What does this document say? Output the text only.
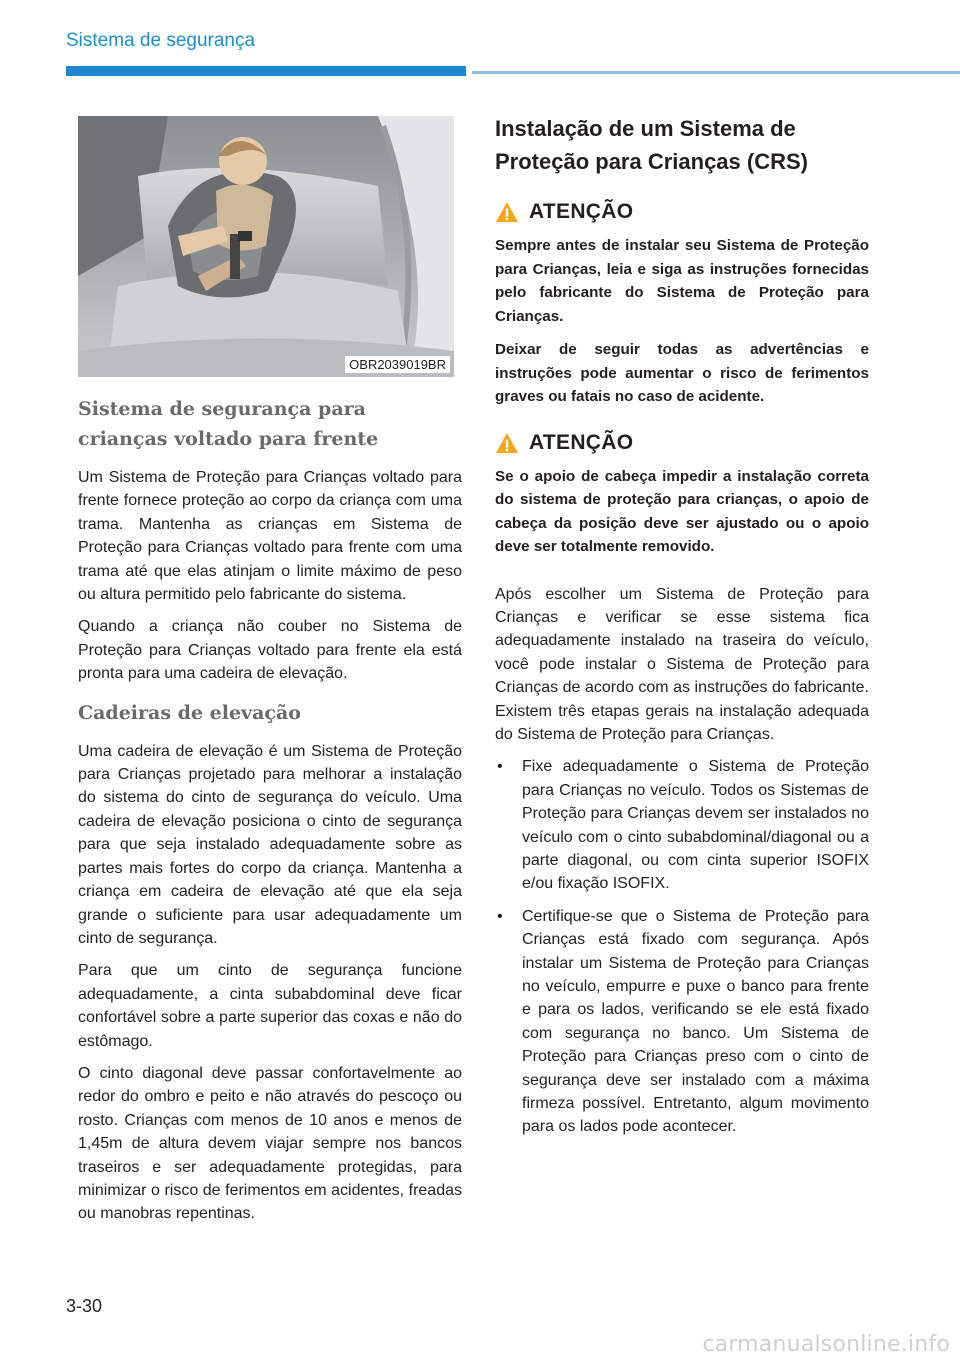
Sistema de segurança
OBR2039019BR
Sistema de segurança para
crianças voltado para frente

Um Sistema de Proteção para Crianças voltado para frente fornece proteção ao corpo da criança com uma trama. Mantenha as crianças em Sistema de Proteção para Crianças voltado para frente com uma trama até que elas atinjam o limite máximo de peso ou altura permitido pelo fabricante do sistema.

Quando a criança não couber no Sistema de Proteção para Crianças voltado para frente ela está pronta para uma cadeira de elevação.

Cadeiras de elevação

Uma cadeira de elevação é um Sistema de Proteção para Crianças projetado para melhorar a instalação do sistema do cinto de segurança do veículo. Uma cadeira de elevação posiciona o cinto de segurança para que seja instalado adequadamente sobre as partes mais fortes do corpo da criança. Mantenha a criança em cadeira de elevação até que ela seja grande o suficiente para usar adequadamente um cinto de segurança.

Para que um cinto de segurança funcione adequadamente, a cinta subabdominal deve ficar confortável sobre a parte superior das coxas e não do estômago.

O cinto diagonal deve passar confortavelmente ao redor do ombro e peito e não através do pescoço ou rosto. Crianças com menos de 10 anos e menos de 1,45m de altura devem viajar sempre nos bancos traseiros e ser adequadamente protegidas, para minimizar o risco de ferimentos em acidentes, freadas ou manobras repentinas.

Instalação de um Sistema de
Proteção para Crianças (CRS)
ATENÇÃO

Sempre antes de instalar seu Sistema de Proteção para Crianças, leia e siga as instruções fornecidas pelo fabricante do Sistema de Proteção para Crianças.

Deixar de seguir todas as advertências e instruções pode aumentar o risco de ferimentos graves ou fatais no caso de acidente.

ATENÇÃO

Se o apoio de cabeça impedir a instalação correta do sistema de proteção para crianças, o apoio de cabeça da posição deve ser ajustado ou o apoio deve ser totalmente removido.

Após escolher um Sistema de Proteção para Crianças e verificar se esse sistema fica adequadamente instalado na traseira do veículo, você pode instalar o Sistema de Proteção para Crianças de acordo com as instruções do fabricante. Existem três etapas gerais na instalação adequada do Sistema de Proteção para Crianças.

• Fixe adequadamente o Sistema de Proteção para Crianças no veículo. Todos os Sistemas de Proteção para Crianças devem ser instalados no veículo com o cinto subabdominal/diagonal ou a parte diagonal, ou com cinta superior ISOFIX e/ou fixação ISOFIX.
• Certifique-se que o Sistema de Proteção para Crianças está fixado com segurança. Após instalar um Sistema de Proteção para Crianças no veículo, empurre e puxe o banco para frente e para os lados, verificando se ele está fixado com segurança no banco. Um Sistema de Proteção para Crianças preso com o cinto de segurança deve ser instalado com a máxima firmeza possível. Entretanto, algum movimento para os lados pode acontecer.
3-30
carmanualsonline.info
